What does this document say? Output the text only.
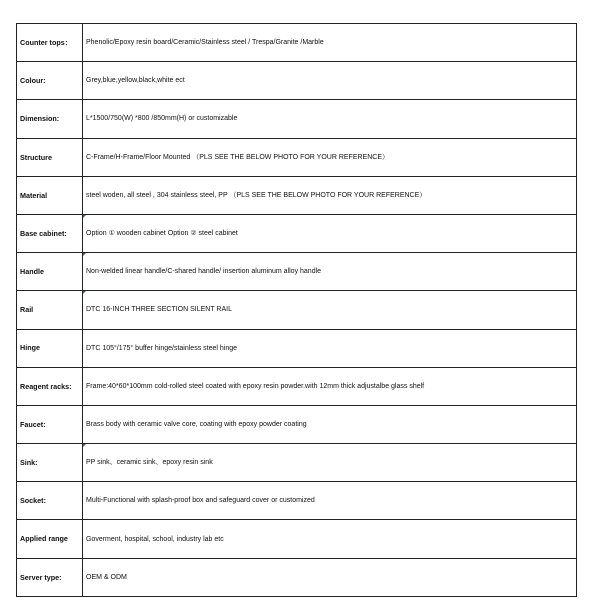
Counter tops：	Phenolic/Epoxy resin board/Ceramic/Stainless steel / Trespa/Granite /Marble
Colour:	Grey,blue,yellow,black,white ect
Dimension:	L*1500/750(W) *800 /850mm(H) or customizable
Structure	C-Frame/H-Frame/Floor Mounted （PLS SEE THE BELOW PHOTO FOR YOUR REFERENCE）
Material	steel woden, all steel , 304 stainless steel, PP （PLS SEE THE BELOW PHOTO FOR YOUR REFERENCE）
Base cabinet:	Option ① wooden cabinet Option ② steel cabinet
Handle	Non-welded linear handle/C-shared handle/ insertion aluminum alloy handle
Rail	DTC 16-INCH THREE SECTION SILENT RAIL
Hinge	DTC 105°/175° buffer hinge/stainless steel hinge
Reagent racks:	Frame:40*60*100mm cold-rolled steel coated with epoxy resin powder.with 12mm thick adjustalbe glass shelf
Faucet:	Brass body with ceramic valve core, coating with epoxy powder coating
Sink:	PP sink、ceramic sink、epoxy resin sink
Socket:	Multi-Functional with splash-proof box and safeguard cover or customized
Applied range	Goverment, hospital, school, industry lab etc
Server type:	OEM & ODM
